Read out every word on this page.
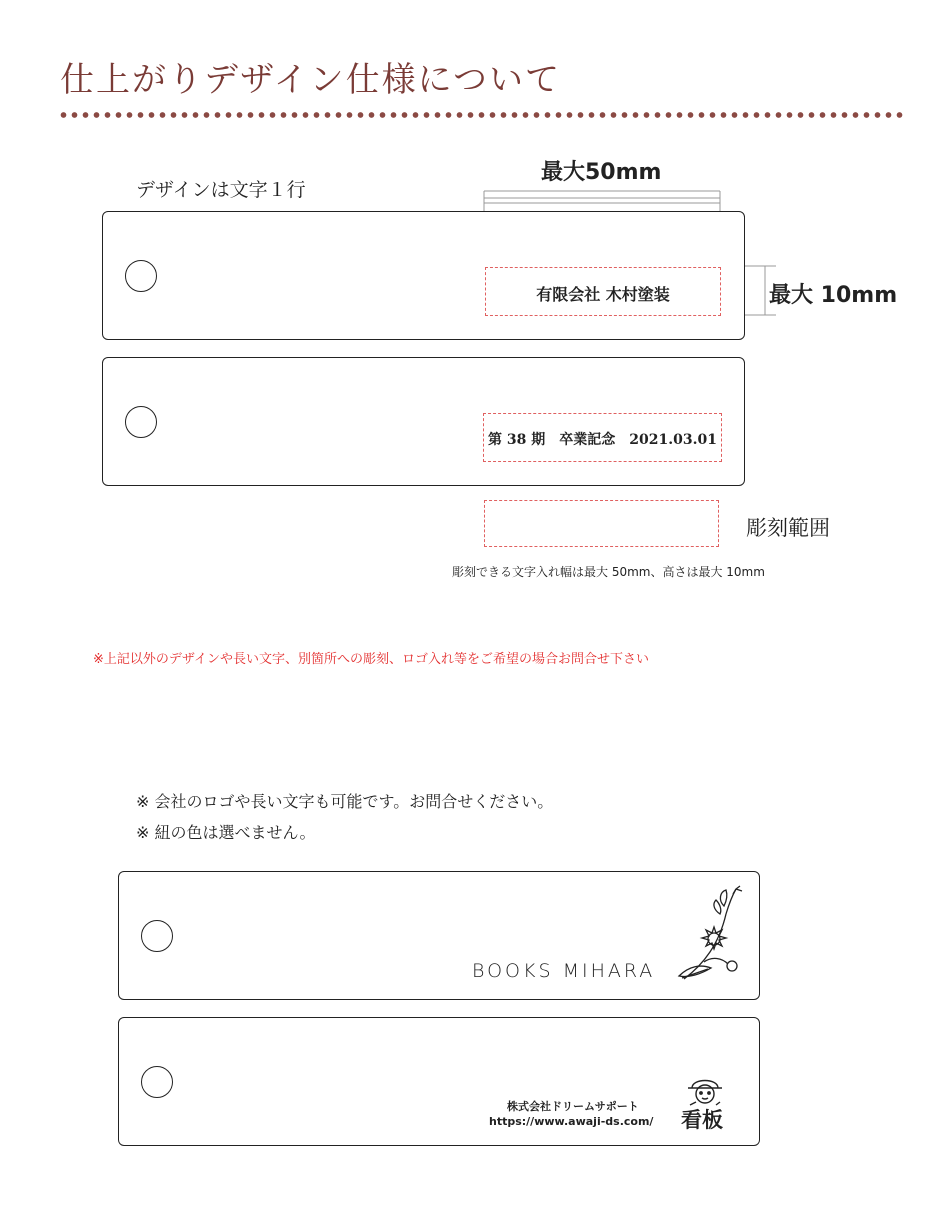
仕上がりデザイン仕様について
デザインは文字１行
最大50mm
最大 10mm
有限会社 木村塗装
第 38 期　卒業記念　2021.03.01
彫刻範囲
彫刻できる文字入れ幅は最大 50mm、高さは最大 10mm
※上記以外のデザインや長い文字、別箇所への彫刻、ロゴ入れ等をご希望の場合お問合せ下さい
※ 会社のロゴや長い文字も可能です。お問合せください。
※ 紐の色は選べません。
BOOKS MIHARA
株式会社ドリームサポート
https://www.awaji-ds.com/ 看板
